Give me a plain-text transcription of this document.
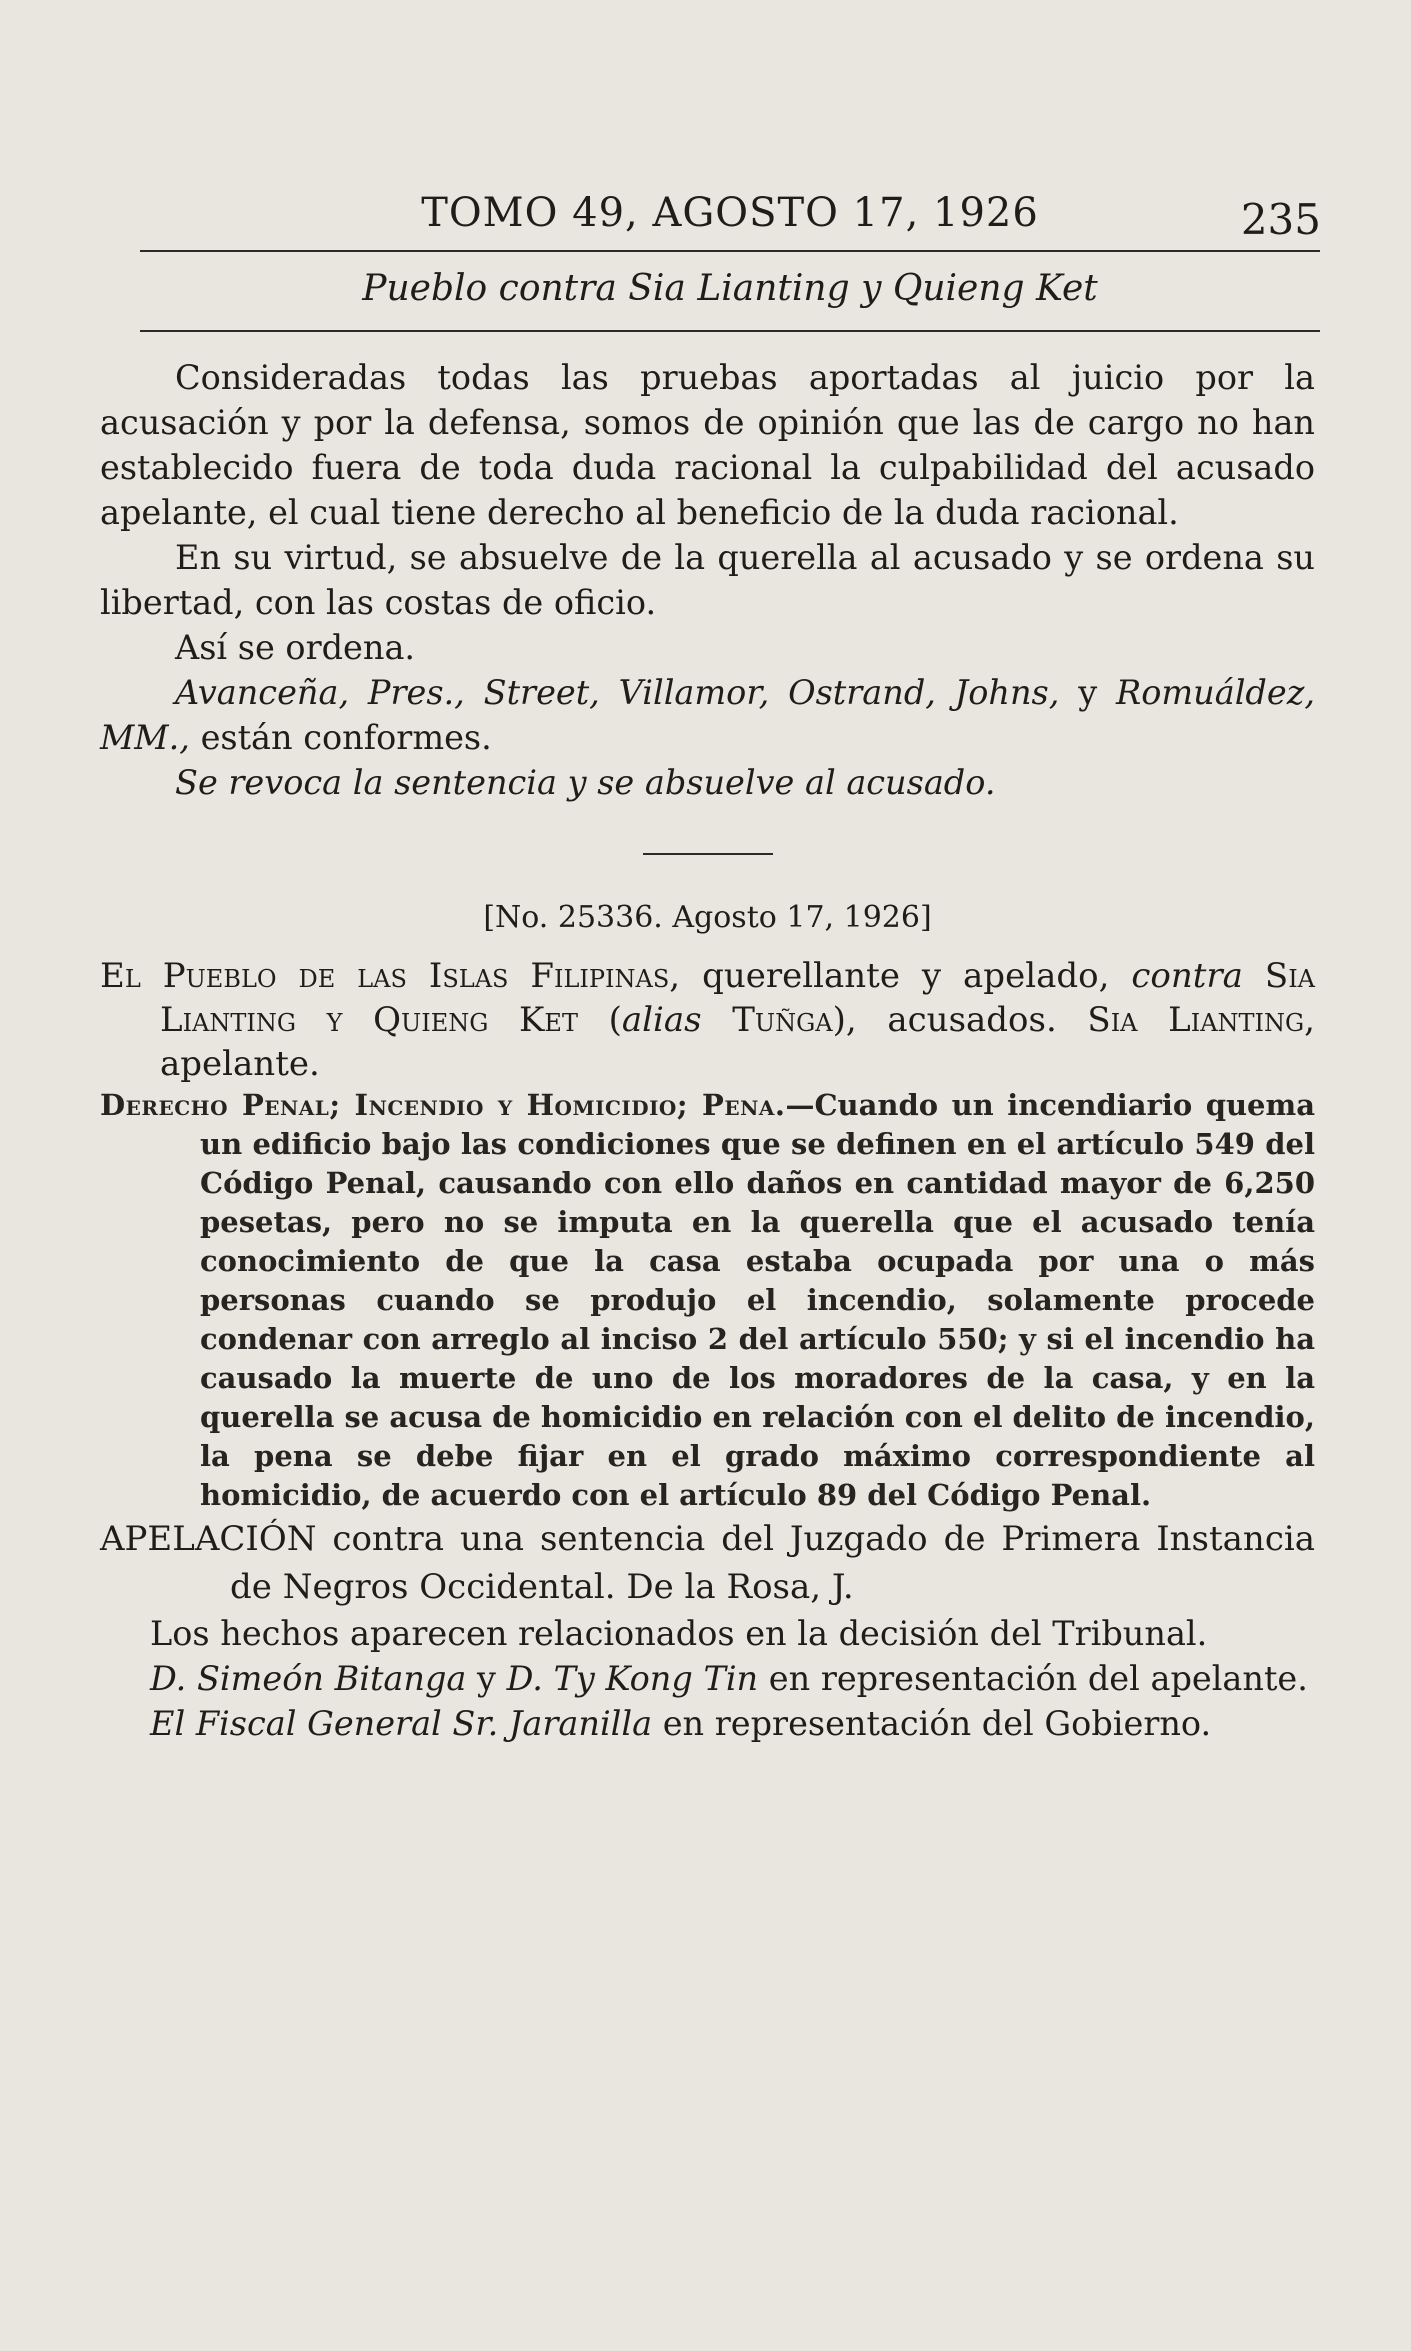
TOMO 49, AGOSTO 17, 1926	235
Pueblo contra Sia Lianting y Quieng Ket

Consideradas todas las pruebas aportadas al juicio por la acusación y por la defensa, somos de opinión que las de cargo no han establecido fuera de toda duda racional la culpabilidad del acusado apelante, el cual tiene derecho al beneficio de la duda racional.

En su virtud, se absuelve de la querella al acusado y se ordena su libertad, con las costas de oficio.

Así se ordena.

Avanceña, Pres., Street, Villamor, Ostrand, Johns, y Romuáldez, MM., están conformes.

Se revoca la sentencia y se absuelve al acusado.

[No. 25336. Agosto 17, 1926]

El Pueblo de las Islas Filipinas, querellante y apelado, contra Sia Lianting y Quieng Ket (alias Tuñga), acusados. Sia Lianting, apelante.

Derecho Penal; Incendio y Homicidio; Pena.—Cuando un incendiario quema un edificio bajo las condiciones que se definen en el artículo 549 del Código Penal, causando con ello daños en cantidad mayor de 6,250 pesetas, pero no se imputa en la querella que el acusado tenía conocimiento de que la casa estaba ocupada por una o más personas cuando se produjo el incendio, solamente procede condenar con arreglo al inciso 2 del artículo 550; y si el incendio ha causado la muerte de uno de los moradores de la casa, y en la querella se acusa de homicidio en relación con el delito de incendio, la pena se debe fijar en el grado máximo correspondiente al homicidio, de acuerdo con el artículo 89 del Código Penal.

APELACIÓN contra una sentencia del Juzgado de Primera Instancia de Negros Occidental. De la Rosa, J.

Los hechos aparecen relacionados en la decisión del Tribunal.

D. Simeón Bitanga y D. Ty Kong Tin en representación del apelante.

El Fiscal General Sr. Jaranilla en representación del Gobierno.
